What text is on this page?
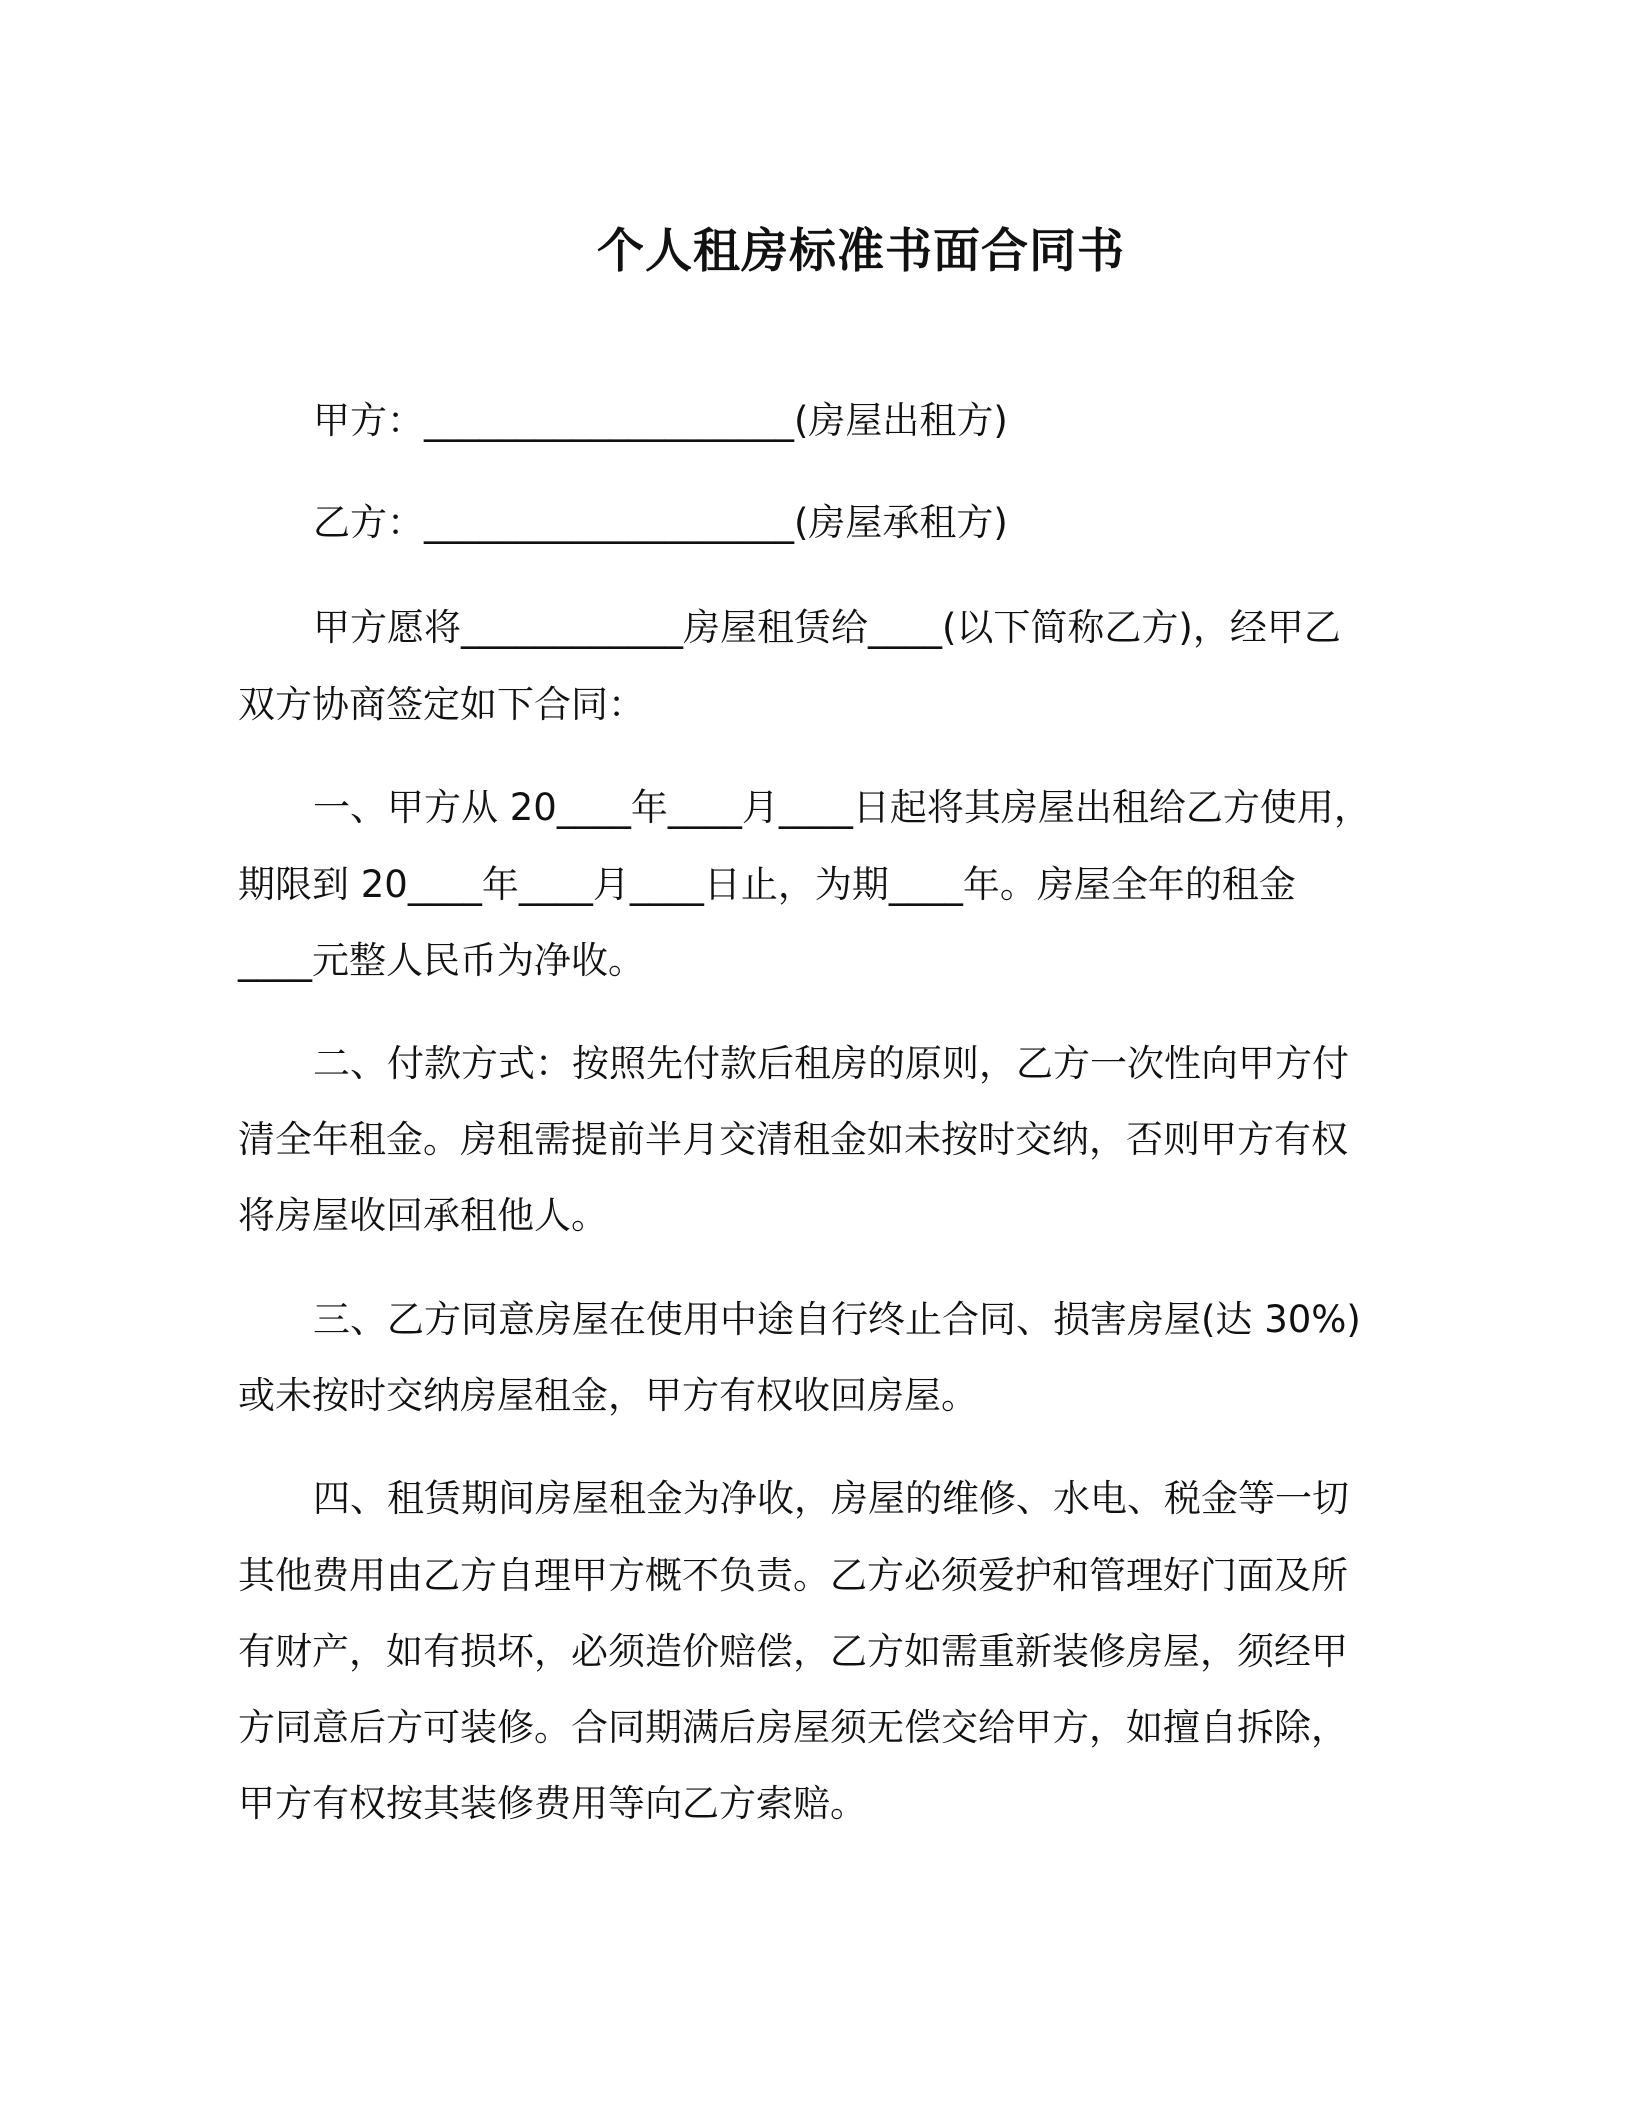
个人租房标准书面合同书
甲方：____________________(房屋出租方)
乙方：____________________(房屋承租方)
甲方愿将____________房屋租赁给____(以下简称乙方)，经甲乙
双方协商签定如下合同：
一、甲方从 20____年____月____日起将其房屋出租给乙方使用，
期限到 20____年____月____日止，为期____年。房屋全年的租金
____元整人民币为净收。
二、付款方式：按照先付款后租房的原则，乙方一次性向甲方付
清全年租金。房租需提前半月交清租金如未按时交纳，否则甲方有权
将房屋收回承租他人。
三、乙方同意房屋在使用中途自行终止合同、损害房屋(达 30%)
或未按时交纳房屋租金，甲方有权收回房屋。
四、租赁期间房屋租金为净收，房屋的维修、水电、税金等一切
其他费用由乙方自理甲方概不负责。乙方必须爱护和管理好门面及所
有财产，如有损坏，必须造价赔偿，乙方如需重新装修房屋，须经甲
方同意后方可装修。合同期满后房屋须无偿交给甲方，如擅自拆除，
甲方有权按其装修费用等向乙方索赔。
